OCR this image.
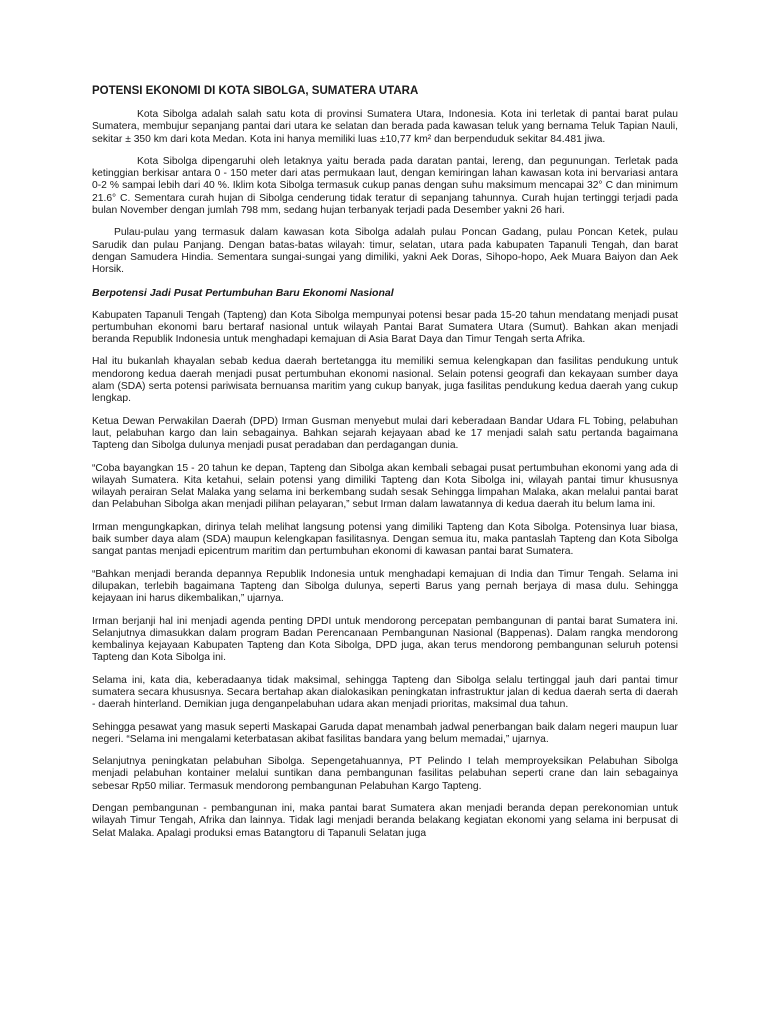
POTENSI EKONOMI DI KOTA SIBOLGA, SUMATERA UTARA

Kota Sibolga adalah salah satu kota di provinsi Sumatera Utara, Indonesia. Kota ini terletak di pantai barat pulau Sumatera, membujur sepanjang pantai dari utara ke selatan dan berada pada kawasan teluk yang bernama Teluk Tapian Nauli, sekitar ± 350 km dari kota Medan. Kota ini hanya memiliki luas ±10,77 km² dan berpenduduk sekitar 84.481 jiwa.

Kota Sibolga dipengaruhi oleh letaknya yaitu berada pada daratan pantai, lereng, dan pegunungan. Terletak pada ketinggian berkisar antara 0 - 150 meter dari atas permukaan laut, dengan kemiringan lahan kawasan kota ini bervariasi antara 0-2 % sampai lebih dari 40 %. Iklim kota Sibolga termasuk cukup panas dengan suhu maksimum mencapai 32° C dan minimum 21.6° C. Sementara curah hujan di Sibolga cenderung tidak teratur di sepanjang tahunnya. Curah hujan tertinggi terjadi pada bulan November dengan jumlah 798 mm, sedang hujan terbanyak terjadi pada Desember yakni 26 hari.

Pulau-pulau yang termasuk dalam kawasan kota Sibolga adalah pulau Poncan Gadang, pulau Poncan Ketek, pulau Sarudik dan pulau Panjang. Dengan batas-batas wilayah: timur, selatan, utara pada kabupaten Tapanuli Tengah, dan barat dengan Samudera Hindia. Sementara sungai-sungai yang dimiliki, yakni Aek Doras, Sihopo-hopo, Aek Muara Baiyon dan Aek Horsik.

Berpotensi Jadi Pusat Pertumbuhan Baru Ekonomi Nasional

Kabupaten Tapanuli Tengah (Tapteng) dan Kota Sibolga mempunyai potensi besar pada 15-20 tahun mendatang menjadi pusat pertumbuhan ekonomi baru bertaraf nasional untuk wilayah Pantai Barat Sumatera Utara (Sumut). Bahkan akan menjadi beranda Republik Indonesia untuk menghadapi kemajuan di Asia Barat Daya dan Timur Tengah serta Afrika.

Hal itu bukanlah khayalan sebab kedua daerah bertetangga itu memiliki semua kelengkapan dan fasilitas pendukung untuk mendorong kedua daerah menjadi pusat pertumbuhan ekonomi nasional. Selain potensi geografi dan kekayaan sumber daya alam (SDA) serta potensi pariwisata bernuansa maritim yang cukup banyak, juga fasilitas pendukung kedua daerah yang cukup lengkap.

Ketua Dewan Perwakilan Daerah (DPD) Irman Gusman menyebut mulai dari keberadaan Bandar Udara FL Tobing, pelabuhan laut, pelabuhan kargo dan lain sebagainya. Bahkan sejarah kejayaan abad ke 17 menjadi salah satu pertanda bagaimana Tapteng dan Sibolga dulunya menjadi pusat peradaban dan perdagangan dunia.

“Coba bayangkan 15 - 20 tahun ke depan, Tapteng dan Sibolga akan kembali sebagai pusat pertumbuhan ekonomi yang ada di wilayah Sumatera. Kita ketahui, selain potensi yang dimiliki Tapteng dan Kota Sibolga ini, wilayah pantai timur khususnya wilayah perairan Selat Malaka yang selama ini berkembang sudah sesak Sehingga limpahan Malaka, akan melalui pantai barat dan Pelabuhan Sibolga akan menjadi pilihan pelayaran,” sebut Irman dalam lawatannya di kedua daerah itu belum lama ini.

Irman mengungkapkan, dirinya telah melihat langsung potensi yang dimiliki Tapteng dan Kota Sibolga. Potensinya luar biasa, baik sumber daya alam (SDA) maupun kelengkapan fasilitasnya. Dengan semua itu, maka pantaslah Tapteng dan Kota Sibolga sangat pantas menjadi epicentrum maritim dan pertumbuhan ekonomi di kawasan pantai barat Sumatera.

“Bahkan menjadi beranda depannya Republik Indonesia untuk menghadapi kemajuan di India dan Timur Tengah. Selama ini dilupakan, terlebih bagaimana Tapteng dan Sibolga dulunya, seperti Barus yang pernah berjaya di masa dulu. Sehingga kejayaan ini harus dikembalikan,” ujarnya.

Irman berjanji hal ini menjadi agenda penting DPDI untuk mendorong percepatan pembangunan di pantai barat Sumatera ini. Selanjutnya dimasukkan dalam program Badan Perencanaan Pembangunan Nasional (Bappenas). Dalam rangka mendorong kembalinya kejayaan Kabupaten Tapteng dan Kota Sibolga, DPD juga, akan terus mendorong pembangunan seluruh potensi Tapteng dan Kota Sibolga ini.

Selama ini, kata dia, keberadaanya tidak maksimal, sehingga Tapteng dan Sibolga selalu tertinggal jauh dari pantai timur sumatera secara khususnya. Secara bertahap akan dialokasikan peningkatan infrastruktur jalan di kedua daerah serta di daerah - daerah hinterland. Demikian juga denganpelabuhan udara akan menjadi prioritas, maksimal dua tahun.

Sehingga pesawat yang masuk seperti Maskapai Garuda dapat menambah jadwal penerbangan baik dalam negeri maupun luar negeri. “Selama ini mengalami keterbatasan akibat fasilitas bandara yang belum memadai,” ujarnya.

Selanjutnya peningkatan pelabuhan Sibolga. Sepengetahuannya, PT Pelindo I telah memproyeksikan Pelabuhan Sibolga menjadi pelabuhan kontainer melalui suntikan dana pembangunan fasilitas pelabuhan seperti crane dan lain sebagainya sebesar Rp50 miliar. Termasuk mendorong pembangunan Pelabuhan Kargo Tapteng.

Dengan pembangunan - pembangunan ini, maka pantai barat Sumatera akan menjadi beranda depan perekonomian untuk wilayah Timur Tengah, Afrika dan lainnya. Tidak lagi menjadi beranda belakang kegiatan ekonomi yang selama ini berpusat di Selat Malaka. Apalagi produksi emas Batangtoru di Tapanuli Selatan juga
